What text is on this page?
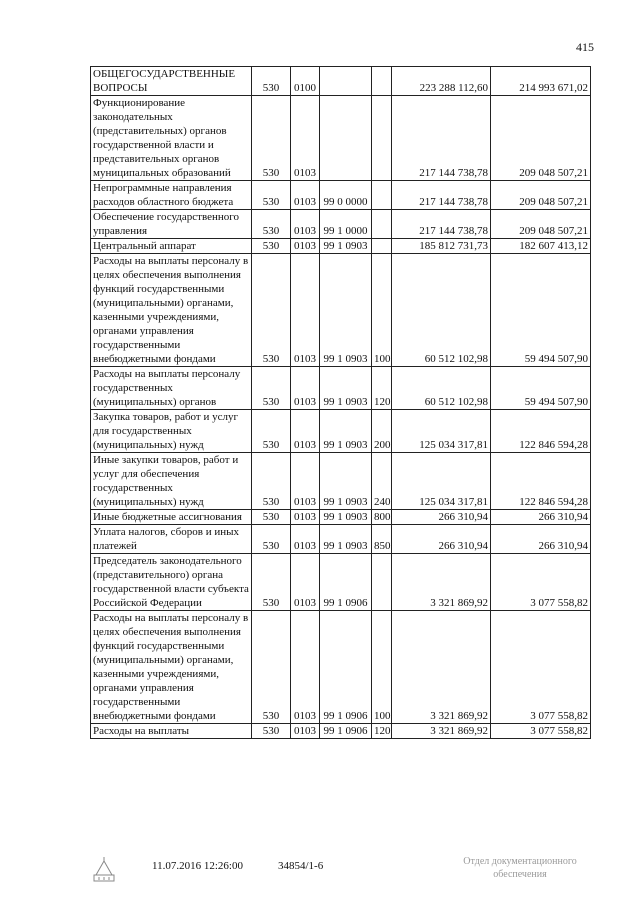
415
ОБЩЕГОСУДАРСТВЕННЫЕ ВОПРОСЫ	530	0100			223 288 112,60	214 993 671,02
Функционирование законодательных (представительных) органов государственной власти и представительных органов муниципальных образований	530	0103			217 144 738,78	209 048 507,21
Непрограммные направления расходов областного бюджета	530	0103	99 0 0000		217 144 738,78	209 048 507,21
Обеспечение государственного управления	530	0103	99 1 0000		217 144 738,78	209 048 507,21
Центральный аппарат	530	0103	99 1 0903		185 812 731,73	182 607 413,12
Расходы на выплаты персоналу в целях обеспечения выполнения функций государственными (муниципальными) органами, казенными учреждениями, органами управления государственными внебюджетными фондами	530	0103	99 1 0903	100	60 512 102,98	59 494 507,90
Расходы на выплаты персоналу государственных (муниципальных) органов	530	0103	99 1 0903	120	60 512 102,98	59 494 507,90
Закупка товаров, работ и услуг для государственных (муниципальных) нужд	530	0103	99 1 0903	200	125 034 317,81	122 846 594,28
Иные закупки товаров, работ и услуг для обеспечения государственных (муниципальных) нужд	530	0103	99 1 0903	240	125 034 317,81	122 846 594,28
Иные бюджетные ассигнования	530	0103	99 1 0903	800	266 310,94	266 310,94
Уплата налогов, сборов и иных платежей	530	0103	99 1 0903	850	266 310,94	266 310,94
Председатель законодательного (представительного) органа государственной власти субъекта Российской Федерации	530	0103	99 1 0906		3 321 869,92	3 077 558,82
Расходы на выплаты персоналу в целях обеспечения выполнения функций государственными (муниципальными) органами, казенными учреждениями, органами управления государственными внебюджетными фондами	530	0103	99 1 0906	100	3 321 869,92	3 077 558,82
Расходы на выплаты	530	0103	99 1 0906	120	3 321 869,92	3 077 558,82
11.07.2016 12:26:00	34854/1-6	Отдел документационного обеспечения
